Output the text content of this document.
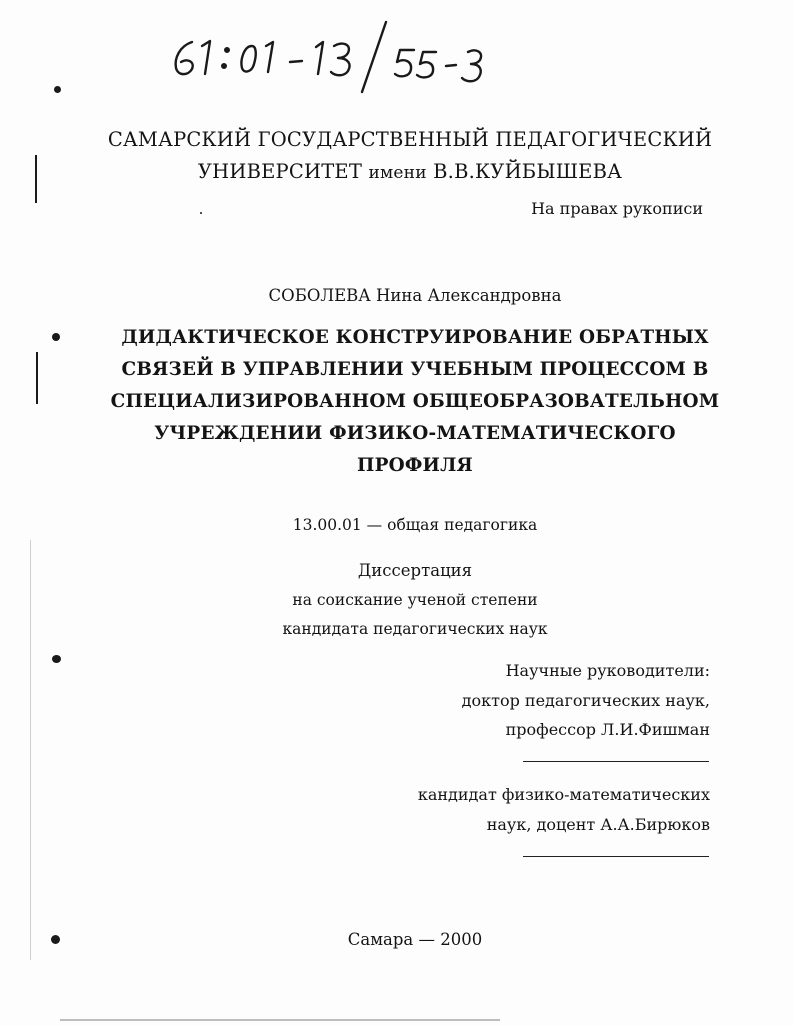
САМАРСКИЙ ГОСУДАРСТВЕННЫЙ ПЕДАГОГИЧЕСКИЙ
УНИВЕРСИТЕТ имени В.В.КУЙБЫШЕВА
На правах рукописи
СОБОЛЕВА Нина Александровна
ДИДАКТИЧЕСКОЕ КОНСТРУИРОВАНИЕ ОБРАТНЫХ
СВЯЗЕЙ В УПРАВЛЕНИИ УЧЕБНЫМ ПРОЦЕССОМ В
СПЕЦИАЛИЗИРОВАННОМ ОБЩЕОБРАЗОВАТЕЛЬНОМ
УЧРЕЖДЕНИИ ФИЗИКО-МАТЕМАТИЧЕСКОГО
ПРОФИЛЯ
13.00.01 — общая педагогика
Диссертация
на соискание ученой степени
кандидата педагогических наук
Научные руководители:
доктор педагогических наук,
профессор Л.И.Фишман
кандидат физико-математических
наук, доцент А.А.Бирюков
Самара — 2000
